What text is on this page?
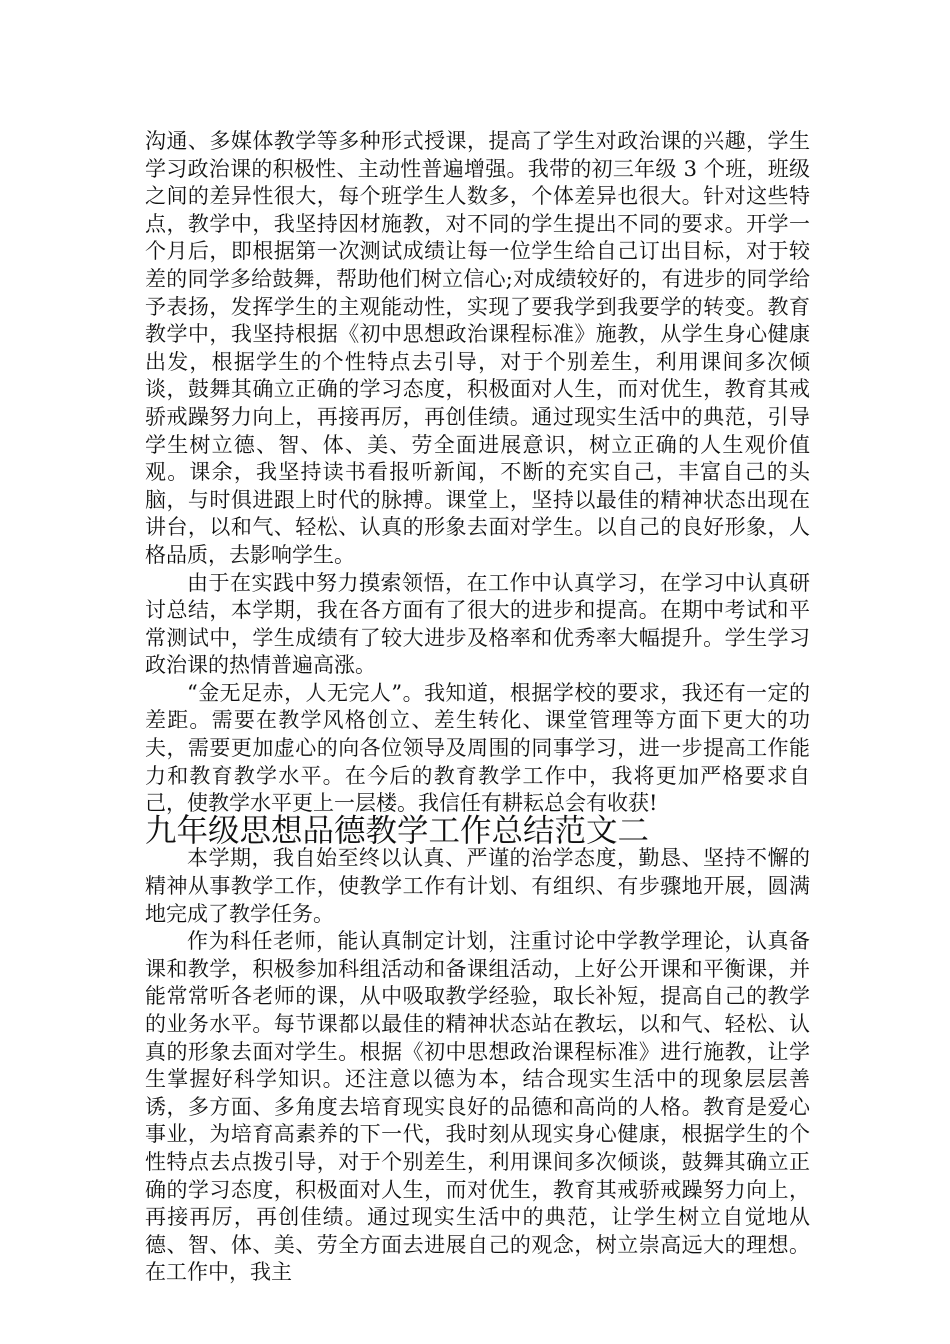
沟通、多媒体教学等多种形式授课，提高了学生对政治课的兴趣，学生学习政治课的积极性、主动性普遍增强。我带的初三年级 3 个班，班级之间的差异性很大，每个班学生人数多，个体差异也很大。针对这些特点，教学中，我坚持因材施教，对不同的学生提出不同的要求。开学一个月后，即根据第一次测试成绩让每一位学生给自己订出目标，对于较差的同学多给鼓舞，帮助他们树立信心;对成绩较好的，有进步的同学给予表扬，发挥学生的主观能动性，实现了要我学到我要学的转变。教育教学中，我坚持根据《初中思想政治课程标准》施教，从学生身心健康出发，根据学生的个性特点去引导，对于个别差生，利用课间多次倾谈，鼓舞其确立正确的学习态度，积极面对人生，而对优生，教育其戒骄戒躁努力向上，再接再厉，再创佳绩。通过现实生活中的典范，引导学生树立德、智、体、美、劳全面进展意识，树立正确的人生观价值观。课余，我坚持读书看报听新闻，不断的充实自己，丰富自己的头脑，与时俱进跟上时代的脉搏。课堂上，坚持以最佳的精神状态出现在讲台，以和气、轻松、认真的形象去面对学生。以自己的良好形象，人格品质，去影响学生。

由于在实践中努力摸索领悟，在工作中认真学习，在学习中认真研讨总结，本学期，我在各方面有了很大的进步和提高。在期中考试和平常测试中，学生成绩有了较大进步及格率和优秀率大幅提升。学生学习政治课的热情普遍高涨。

“金无足赤，人无完人”。我知道，根据学校的要求，我还有一定的差距。需要在教学风格创立、差生转化、课堂管理等方面下更大的功夫，需要更加虚心的向各位领导及周围的同事学习，进一步提高工作能力和教育教学水平。在今后的教育教学工作中，我将更加严格要求自己，使教学水平更上一层楼。我信任有耕耘总会有收获!

九年级思想品德教学工作总结范文二

本学期，我自始至终以认真、严谨的治学态度，勤恳、坚持不懈的精神从事教学工作，使教学工作有计划、有组织、有步骤地开展，圆满地完成了教学任务。

作为科任老师，能认真制定计划，注重讨论中学教学理论，认真备课和教学，积极参加科组活动和备课组活动，上好公开课和平衡课，并能常常听各老师的课，从中吸取教学经验，取长补短，提高自己的教学的业务水平。每节课都以最佳的精神状态站在教坛，以和气、轻松、认真的形象去面对学生。根据《初中思想政治课程标准》进行施教，让学生掌握好科学知识。还注意以德为本，结合现实生活中的现象层层善诱，多方面、多角度去培育现实良好的品德和高尚的人格。教育是爱心事业，为培育高素养的下一代，我时刻从现实身心健康，根据学生的个性特点去点拨引导，对于个别差生，利用课间多次倾谈，鼓舞其确立正确的学习态度，积极面对人生，而对优生，教育其戒骄戒躁努力向上，再接再厉，再创佳绩。通过现实生活中的典范，让学生树立自觉地从德、智、体、美、劳全方面去进展自己的观念，树立崇高远大的理想。在工作中，我主
